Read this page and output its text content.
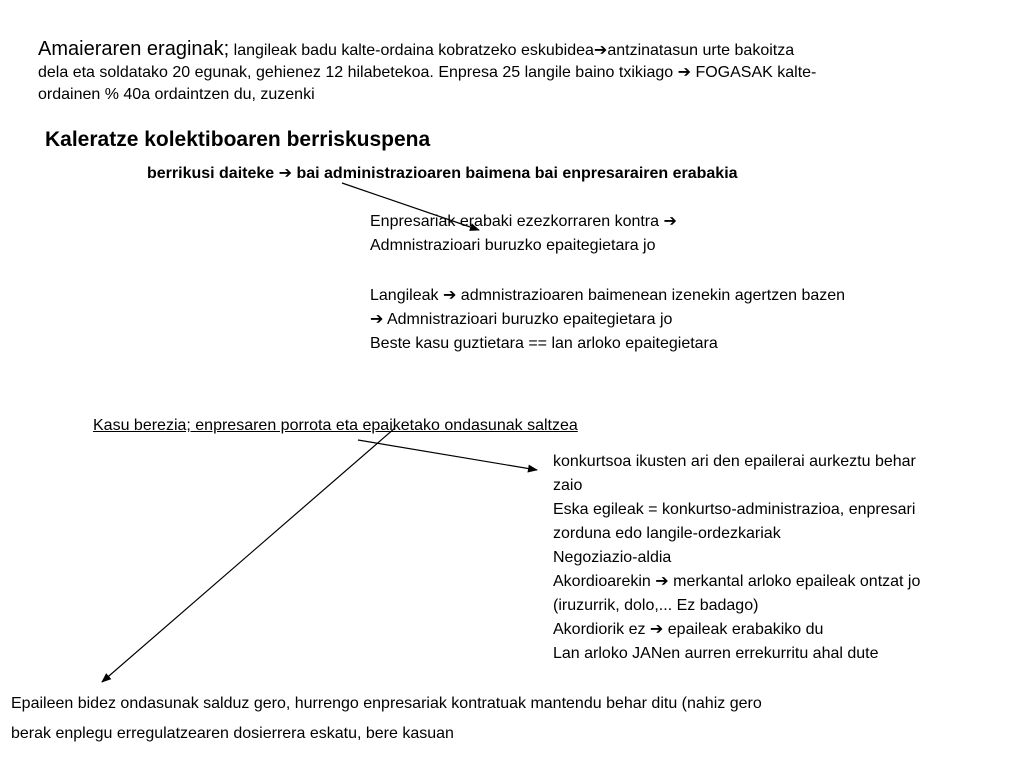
Amaieraren eraginak; langileak badu kalte-ordaina kobratzeko eskubidea➔antzinatasun urte bakoitza
dela eta soldatako 20 egunak, gehienez 12 hilabetekoa. Enpresa 25 langile baino txikiago ➔ FOGASAK kalte-
ordainen % 40a ordaintzen du, zuzenki
Kaleratze kolektiboaren berriskuspena
berrikusi daiteke ➔ bai administrazioaren baimena bai enpresarairen erabakia
Enpresariak erabaki ezezkorraren kontra ➔
Admnistrazioari buruzko epaitegietara jo
Langileak ➔ admnistrazioaren baimenean izenekin agertzen bazen
➔ Admnistrazioari buruzko epaitegietara jo
Beste kasu guztietara == lan arloko epaitegietara
Kasu berezia; enpresaren porrota eta epaiketako ondasunak saltzea
konkurtsoa ikusten ari den epailerai aurkeztu behar
zaio
Eska egileak = konkurtso-administrazioa, enpresari
zorduna edo langile-ordezkariak
Negoziazio-aldia
Akordioarekin ➔ merkantal arloko epaileak ontzat jo
(iruzurrik, dolo,... Ez badago)
Akordiorik ez ➔ epaileak erabakiko du
Lan arloko JANen aurren errekurritu ahal dute
Epaileen bidez ondasunak salduz gero, hurrengo enpresariak kontratuak mantendu behar ditu (nahiz gero
berak enplegu erregulatzearen dosierrera eskatu, bere kasuan
